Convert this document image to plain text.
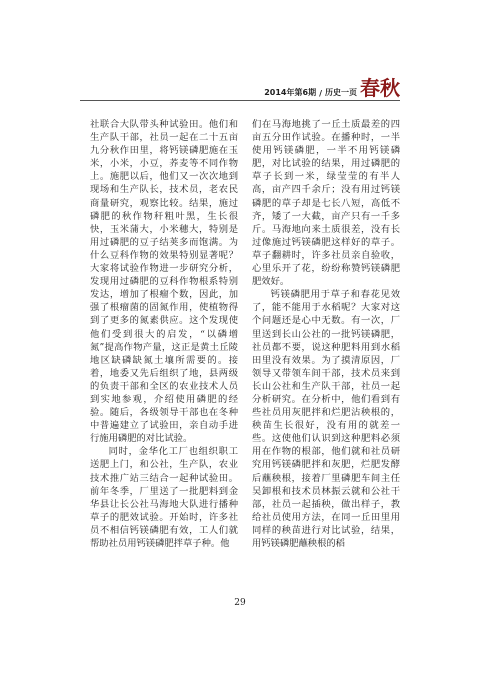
2014年第6期 / 历史一页 春秋

社联合大队带头种试验田。他们和生产队干部，社员一起在二十五亩九分秋作田里，将钙镁磷肥施在玉米，小米，小豆，荞麦等不同作物上。施肥以后，他们又一次次地到现场和生产队长，技术员，老农民商量研究，观察比较。结果，施过磷肥的秋作物秆粗叶黑，生长很快，玉米蒲大，小米穗大，特别是用过磷肥的豆子结荚多而饱满。为什么豆科作物的效果特别显著呢？大家将试验作物进一步研究分析，发现用过磷肥的豆科作物根系特别发达，增加了根瘤个数，因此，加强了根瘤菌的固氮作用，使植物得到了更多的氮素供应。这个发现使他们受到很大的启发，“以磷增氮”提高作物产量，这正是黄土丘陵地区缺磷缺氮土壤所需要的。接着，地委又先后组织了地，县两级的负责干部和全区的农业技术人员到实地参观，介绍使用磷肥的经验。随后，各级领导干部也在冬种中普遍建立了试验田，亲自动手进行施用磷肥的对比试验。

同时，金华化工厂也组织职工送肥上门，和公社，生产队，农业技术推广站三结合一起种试验田。前年冬季，厂里送了一批肥料到金华县让长公社马海地大队进行播种草子的肥效试验。开始时，许多社员不相信钙镁磷肥有效，工人们就帮助社员用钙镁磷肥拌草子种。他

们在马海地挑了一丘土质最差的四亩五分田作试验。在播种时，一半使用钙镁磷肥，一半不用钙镁磷肥，对比试验的结果，用过磷肥的草子长到一米，绿莹莹的有半人高，亩产四千余斤；没有用过钙镁磷肥的草子却是七长八短，高低不齐，矮了一大截，亩产只有一千多斤。马海地向来土质很差，没有长过像施过钙镁磷肥这样好的草子。草子翻耕时，许多社员亲自验收，心里乐开了花，纷纷称赞钙镁磷肥肥效好。

钙镁磷肥用于草子和春花见效了，能不能用于水稻呢？大家对这个问题还是心中无数。有一次，厂里送到长山公社的一批钙镁磷肥，社员都不要，说这种肥料用到水稻田里没有效果。为了摸清原因，厂领导又带领车间干部，技术员来到长山公社和生产队干部，社员一起分析研究。在分析中，他们看到有些社员用灰肥拌和烂肥沾秧根的，秧苗生长很好，没有用的就差一些。这使他们认识到这种肥料必须用在作物的根部，他们就和社员研究用钙镁磷肥拌和灰肥，烂肥发酵后蘸秧根，接着厂里磷肥车间主任吴卸根和技术员林振云就和公社干部，社员一起插秧，做出样子，教给社员使用方法，在同一丘田里用同样的秧苗进行对比试验，结果，用钙镁磷肥蘸秧根的稻

29
